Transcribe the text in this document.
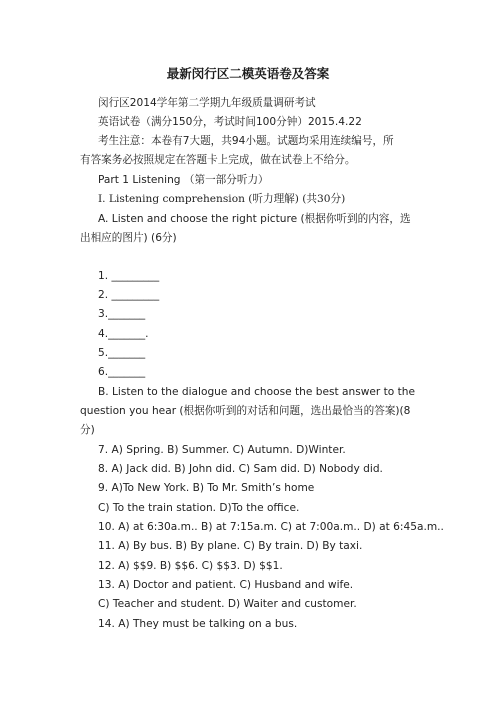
最新闵行区二模英语卷及答案
闵行区2014学年第二学期九年级质量调研考试
英语试卷（满分150分，考试时间100分钟）2015.4.22
考生注意：本卷有7大题，共94小题。试题均采用连续编号，所
有答案务必按照规定在答题卡上完成，做在试卷上不给分。
Part 1 Listening （第一部分听力）
I. Listening comprehension (听力理解) (共30分)
A. Listen and choose the right picture (根据你听到的内容，选
出相应的图片) (6分)
1. _________
2. _________
3._______
4._______.
5._______
6._______
B. Listen to the dialogue and choose the best answer to the
question you hear (根据你听到的对话和问题，选出最恰当的答案)(8
分)
7. A) Spring. B) Summer. C) Autumn. D)Winter.
8. A) Jack did. B) John did. C) Sam did. D) Nobody did.
9. A)To New York. B) To Mr. Smith’s home
C) To the train station. D)To the office.
10. A) at 6:30a.m.. B) at 7:15a.m. C) at 7:00a.m.. D) at 6:45a.m..
11. A) By bus. B) By plane. C) By train. D) By taxi.
12. A) $$9. B) $$6. C) $$3. D) $$1.
13. A) Doctor and patient. C) Husband and wife.
C) Teacher and student. D) Waiter and customer.
14. A) They must be talking on a bus.
